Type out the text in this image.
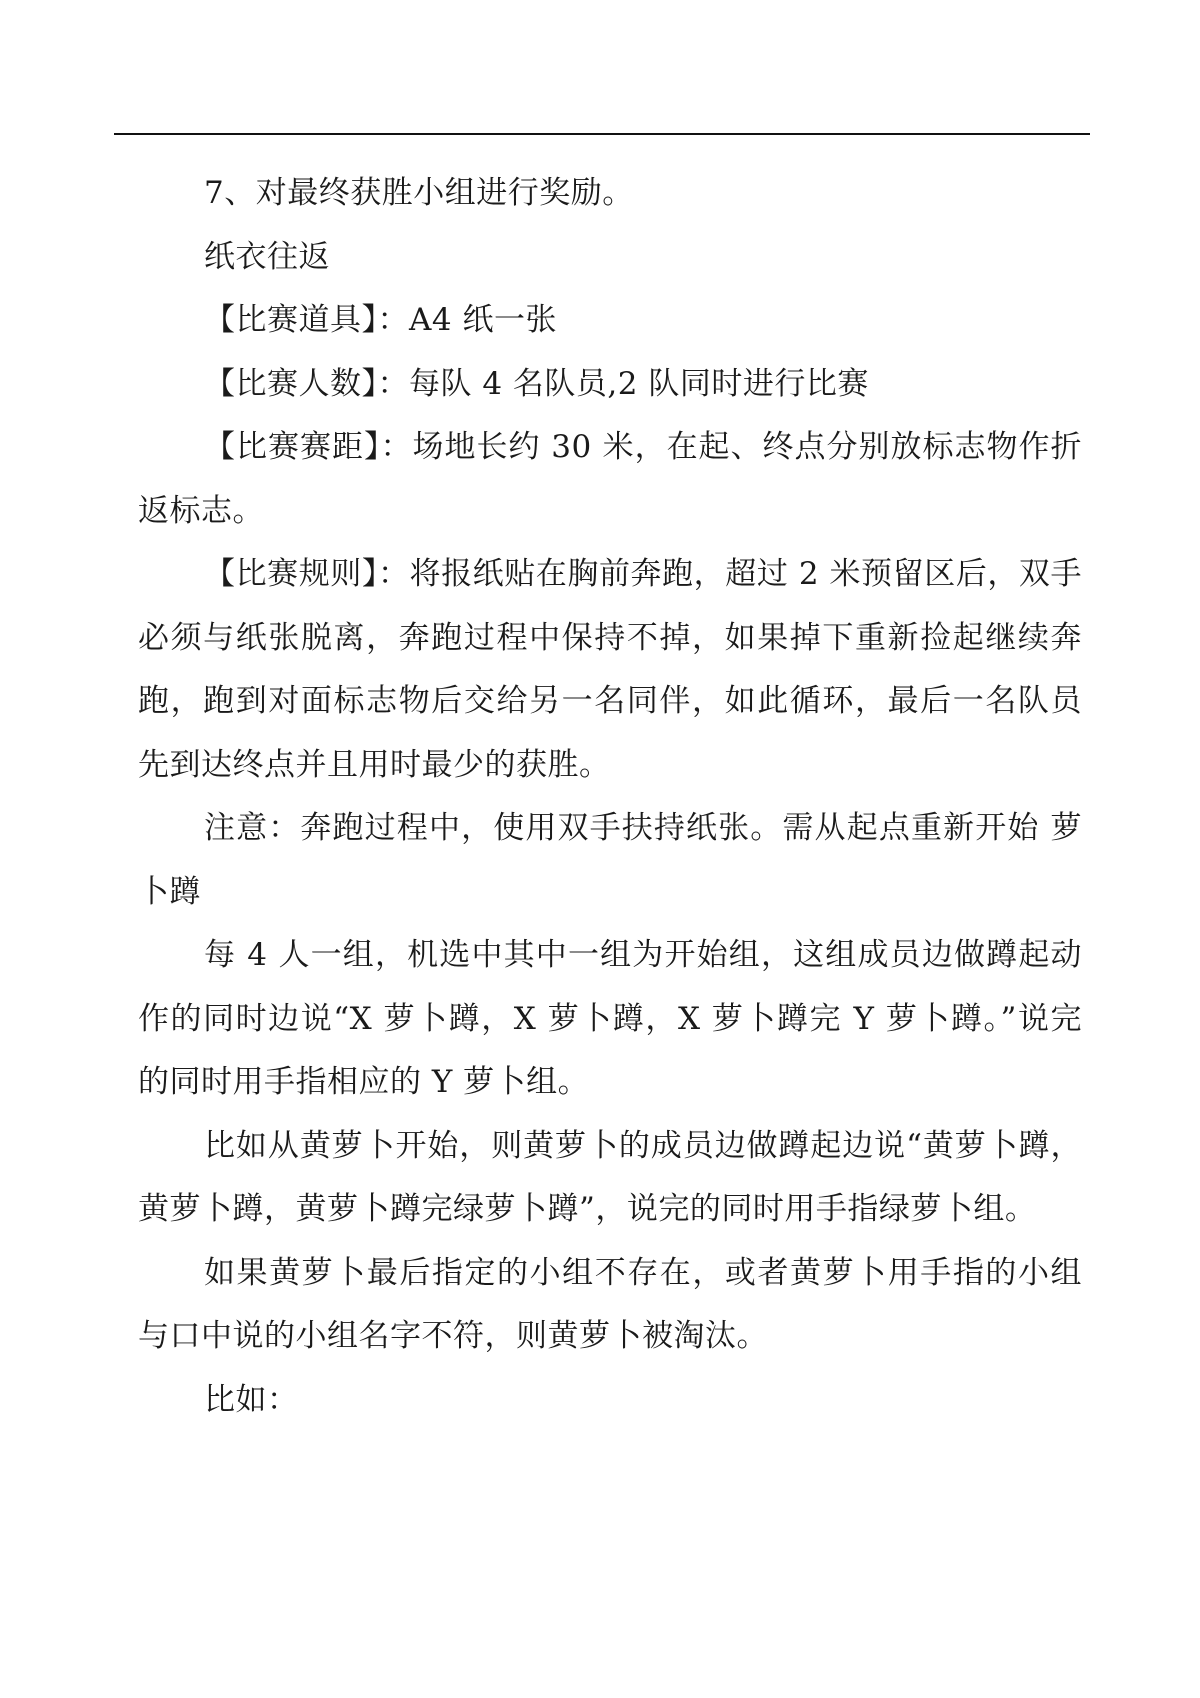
7、对最终获胜小组进行奖励。

纸衣往返

【比赛道具】：A4 纸一张

【比赛人数】：每队 4 名队员,2 队同时进行比赛

【比赛赛距】：场地长约 30 米，在起、终点分别放标志物作折返标志。

【比赛规则】：将报纸贴在胸前奔跑，超过 2 米预留区后，双手必须与纸张脱离，奔跑过程中保持不掉，如果掉下重新捡起继续奔跑，跑到对面标志物后交给另一名同伴，如此循环，最后一名队员先到达终点并且用时最少的获胜。

注意：奔跑过程中，使用双手扶持纸张。需从起点重新开始 萝卜蹲

每 4 人一组，机选中其中一组为开始组，这组成员边做蹲起动作的同时边说“X 萝卜蹲，X 萝卜蹲，X 萝卜蹲完 Y 萝卜蹲。”说完的同时用手指相应的 Y 萝卜组。

比如从黄萝卜开始，则黄萝卜的成员边做蹲起边说“黄萝卜蹲，黄萝卜蹲，黄萝卜蹲完绿萝卜蹲”，说完的同时用手指绿萝卜组。

如果黄萝卜最后指定的小组不存在，或者黄萝卜用手指的小组与口中说的小组名字不符，则黄萝卜被淘汰。

比如：
